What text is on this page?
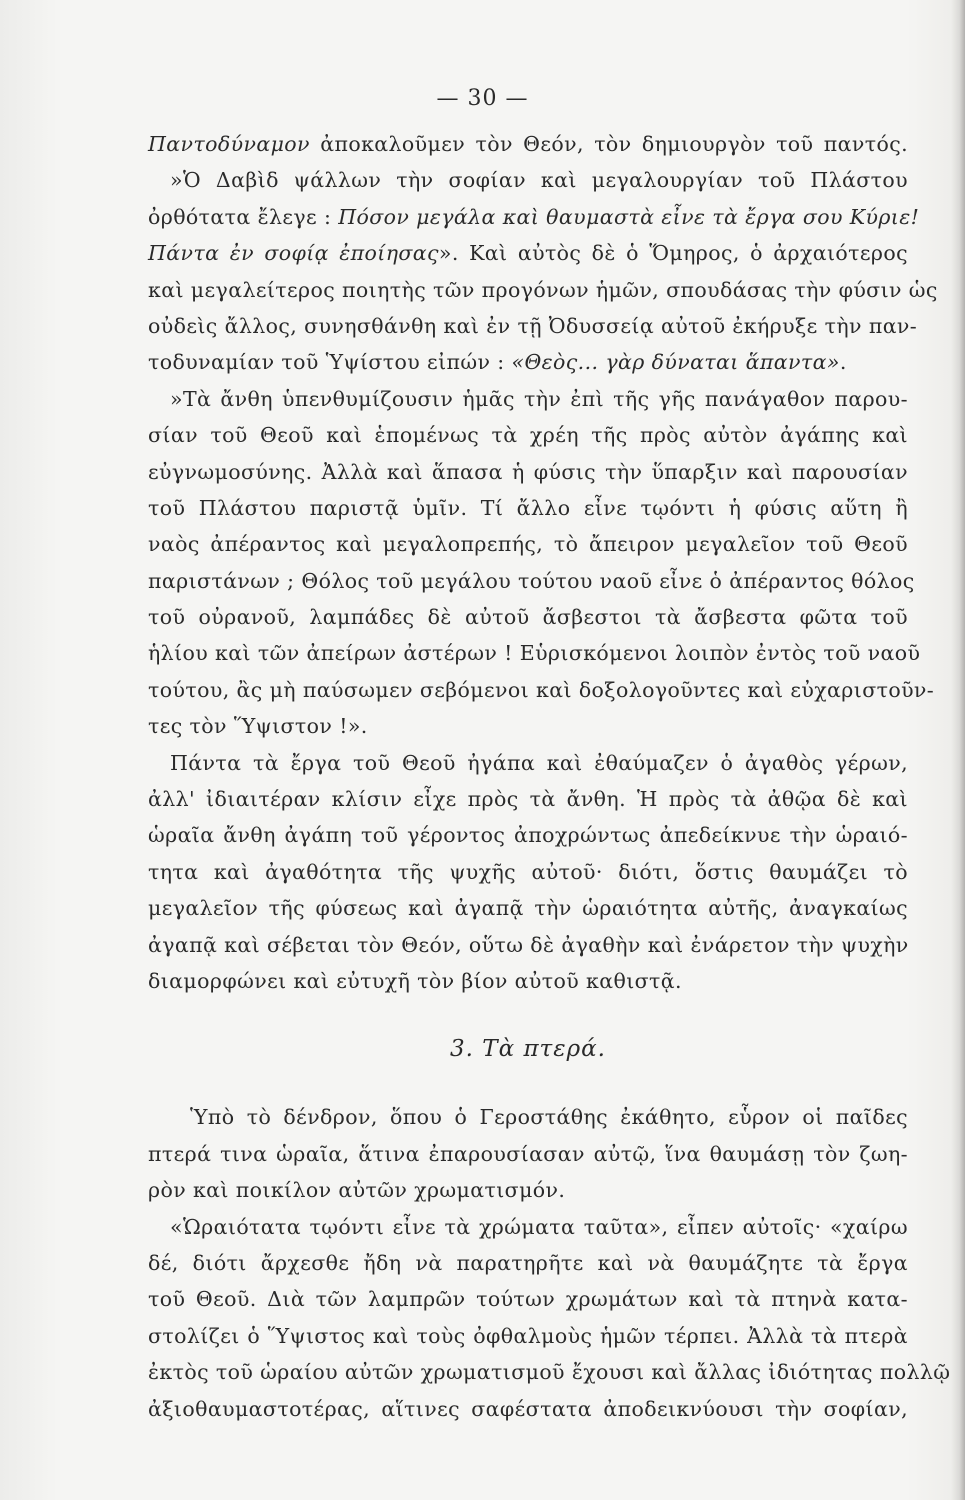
— 30 —
Παντοδύναμον ἀποκαλοῦμεν τὸν Θεόν, τὸν δημιουργὸν τοῦ παντός.
»Ὁ Δαβὶδ ψάλλων τὴν σοφίαν καὶ μεγαλουργίαν τοῦ Πλάστου
ὀρθότατα ἔλεγε : Πόσον μεγάλα καὶ θαυμαστὰ εἶνε τὰ ἔργα σου Κύριε!
Πάντα ἐν σοφίᾳ ἐποίησας». Καὶ αὐτὸς δὲ ὁ Ὅμηρος, ὁ ἀρχαιότερος
καὶ μεγαλείτερος ποιητὴς τῶν προγόνων ἡμῶν, σπουδάσας τὴν φύσιν ὡς
οὐδεὶς ἄλλος, συνησθάνθη καὶ ἐν τῇ Ὀδυσσείᾳ αὐτοῦ ἐκήρυξε τὴν παν-
τοδυναμίαν τοῦ Ὑψίστου εἰπών : «Θεὸς... γὰρ δύναται ἅπαντα».
»Τὰ ἄνθη ὑπενθυμίζουσιν ἡμᾶς τὴν ἐπὶ τῆς γῆς πανάγαθον παρου-
σίαν τοῦ Θεοῦ καὶ ἑπομένως τὰ χρέη τῆς πρὸς αὐτὸν ἀγάπης καὶ
εὐγνωμοσύνης. Ἀλλὰ καὶ ἅπασα ἡ φύσις τὴν ὕπαρξιν καὶ παρουσίαν
τοῦ Πλάστου παριστᾷ ὑμῖν. Τί ἄλλο εἶνε τῳόντι ἡ φύσις αὕτη ἢ
ναὸς ἀπέραντος καὶ μεγαλοπρεπής, τὸ ἄπειρον μεγαλεῖον τοῦ Θεοῦ
παριστάνων ; Θόλος τοῦ μεγάλου τούτου ναοῦ εἶνε ὁ ἀπέραντος θόλος
τοῦ οὐρανοῦ, λαμπάδες δὲ αὐτοῦ ἄσβεστοι τὰ ἄσβεστα φῶτα τοῦ
ἡλίου καὶ τῶν ἀπείρων ἀστέρων ! Εὑρισκόμενοι λοιπὸν ἐντὸς τοῦ ναοῦ
τούτου, ἂς μὴ παύσωμεν σεβόμενοι καὶ δοξολογοῦντες καὶ εὐχαριστοῦν-
τες τὸν Ὕψιστον !».
Πάντα τὰ ἔργα τοῦ Θεοῦ ἠγάπα καὶ ἐθαύμαζεν ὁ ἀγαθὸς γέρων,
ἀλλ' ἰδιαιτέραν κλίσιν εἶχε πρὸς τὰ ἄνθη. Ἡ πρὸς τὰ ἀθῷα δὲ καὶ
ὡραῖα ἄνθη ἀγάπη τοῦ γέροντος ἀποχρώντως ἀπεδείκνυε τὴν ὡραιό-
τητα καὶ ἀγαθότητα τῆς ψυχῆς αὐτοῦ· διότι, ὅστις θαυμάζει τὸ
μεγαλεῖον τῆς φύσεως καὶ ἀγαπᾷ τὴν ὡραιότητα αὐτῆς, ἀναγκαίως
ἀγαπᾷ καὶ σέβεται τὸν Θεόν, οὕτω δὲ ἀγαθὴν καὶ ἐνάρετον τὴν ψυχὴν
διαμορφώνει καὶ εὐτυχῆ τὸν βίον αὐτοῦ καθιστᾷ.
3. Τὰ πτερά.
Ὑπὸ τὸ δένδρον, ὅπου ὁ Γεροστάθης ἐκάθητο, εὗρον οἱ παῖδες
πτερά τινα ὡραῖα, ἅτινα ἐπαρουσίασαν αὐτῷ, ἵνα θαυμάσῃ τὸν ζωη-
ρὸν καὶ ποικίλον αὐτῶν χρωματισμόν.
«Ὡραιότατα τῳόντι εἶνε τὰ χρώματα ταῦτα», εἶπεν αὐτοῖς· «χαίρω
δέ, διότι ἄρχεσθε ἤδη νὰ παρατηρῆτε καὶ νὰ θαυμάζητε τὰ ἔργα
τοῦ Θεοῦ. Διὰ τῶν λαμπρῶν τούτων χρωμάτων καὶ τὰ πτηνὰ κατα-
στολίζει ὁ Ὕψιστος καὶ τοὺς ὀφθαλμοὺς ἡμῶν τέρπει. Ἀλλὰ τὰ πτερὰ
ἐκτὸς τοῦ ὡραίου αὐτῶν χρωματισμοῦ ἔχουσι καὶ ἄλλας ἰδιότητας πολλῷ
ἀξιοθαυμαστοτέρας, αἵτινες σαφέστατα ἀποδεικνύουσι τὴν σοφίαν,
